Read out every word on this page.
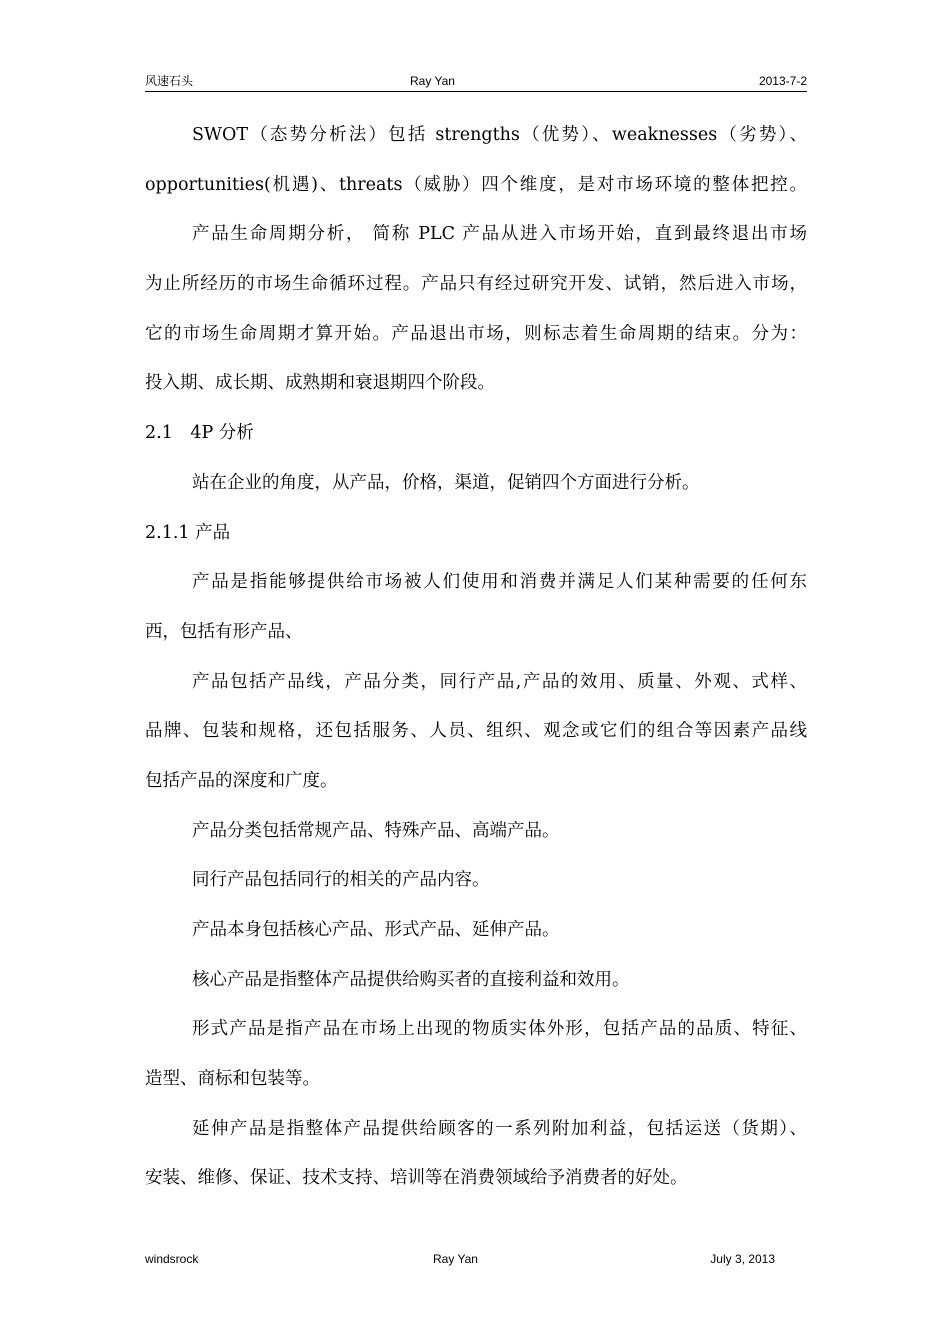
风速石头	Ray Yan	2013-7-2
SWOT（态势分析法）包括 strengths（优势）、weaknesses（劣势）、
opportunities(机遇)、threats（威胁）四个维度，是对市场环境的整体把控。
产品生命周期分析， 简称 PLC 产品从进入市场开始，直到最终退出市场
为止所经历的市场生命循环过程。产品只有经过研究开发、试销，然后进入市场，
它的市场生命周期才算开始。产品退出市场，则标志着生命周期的结束。分为：
投入期、成长期、成熟期和衰退期四个阶段。
2.1　4P 分析
站在企业的角度，从产品，价格，渠道，促销四个方面进行分析。
2.1.1 产品
产品是指能够提供给市场被人们使用和消费并满足人们某种需要的任何东
西，包括有形产品、
产品包括产品线，产品分类，同行产品,产品的效用、质量、外观、式样、
品牌、包装和规格，还包括服务、人员、组织、观念或它们的组合等因素产品线
包括产品的深度和广度。
产品分类包括常规产品、特殊产品、高端产品。
同行产品包括同行的相关的产品内容。
产品本身包括核心产品、形式产品、延伸产品。
核心产品是指整体产品提供给购买者的直接利益和效用。
形式产品是指产品在市场上出现的物质实体外形，包括产品的品质、特征、
造型、商标和包装等。
延伸产品是指整体产品提供给顾客的一系列附加利益，包括运送（货期）、
安装、维修、保证、技术支持、培训等在消费领域给予消费者的好处。
windsrock	Ray Yan	July 3, 2013
